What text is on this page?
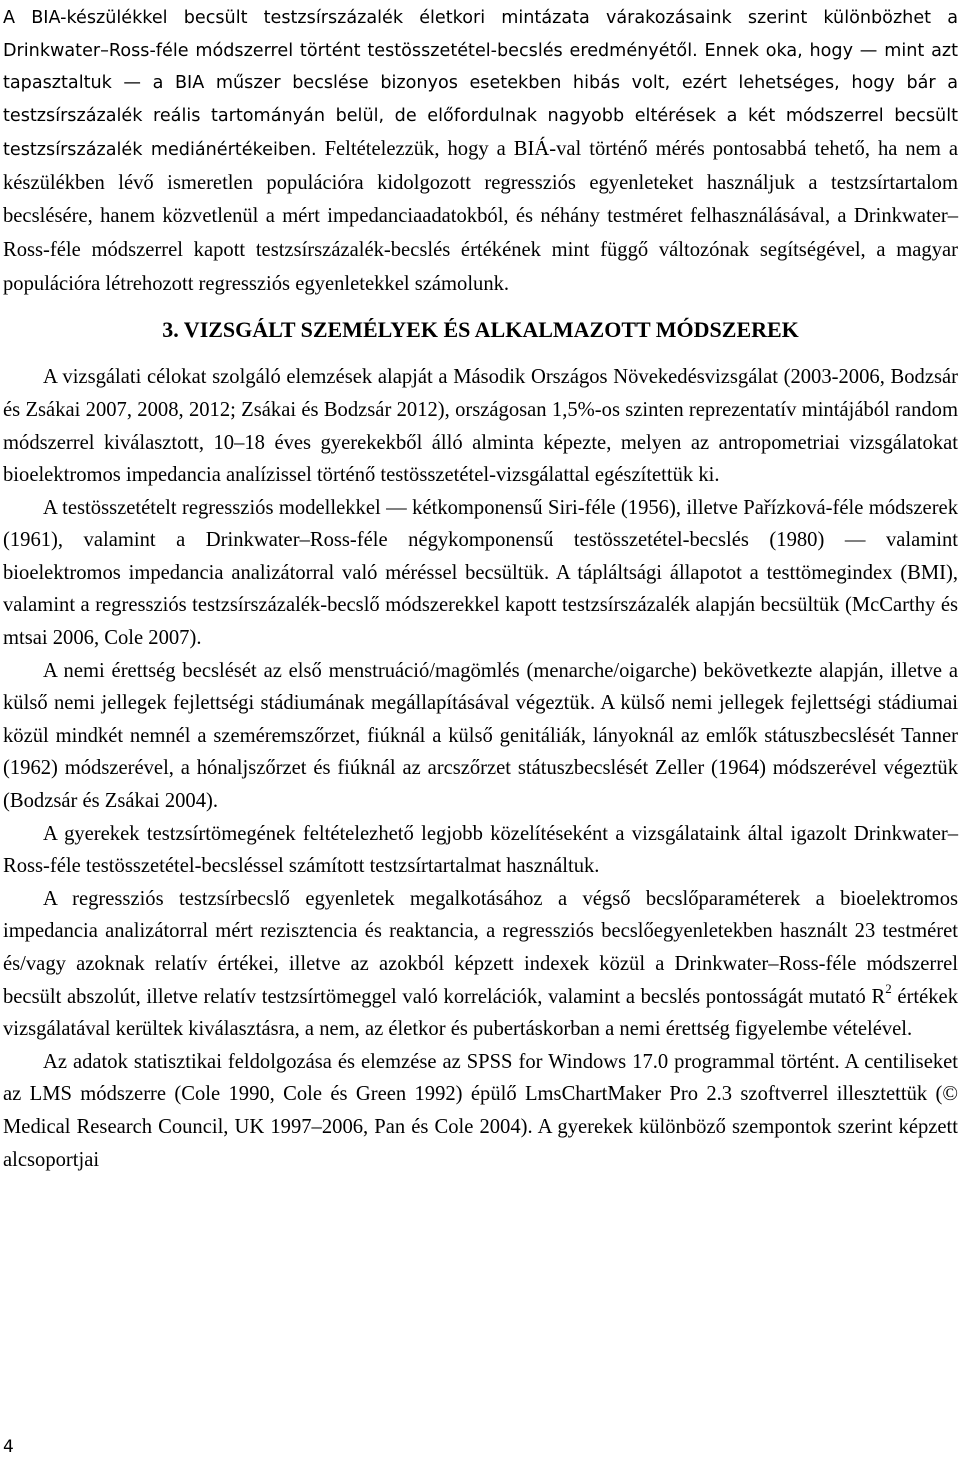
A BIA-készülékkel becsült testzsírszázalék életkori mintázata várakozásaink szerint különbözhet a Drinkwater–Ross-féle módszerrel történt testösszetétel-becslés eredményétől. Ennek oka, hogy — mint azt tapasztaltuk — a BIA műszer becslése bizonyos esetekben hibás volt, ezért lehetséges, hogy bár a testzsírszázalék reális tartományán belül, de előfordulnak nagyobb eltérések a két módszerrel becsült testzsírszázalék mediánértékeiben. Feltételezzük, hogy a BIÁ-val történő mérés pontosabbá tehető, ha nem a készülékben lévő ismeretlen populációra kidolgozott regressziós egyenleteket használjuk a testzsírtartalom becslésére, hanem közvetlenül a mért impedanciaadatokból, és néhány testméret felhasználásával, a Drinkwater–Ross-féle módszerrel kapott testzsírszázalék-becslés értékének mint függő változónak segítségével, a magyar populációra létrehozott regressziós egyenletekkel számolunk.

3. VIZSGÁLT SZEMÉLYEK ÉS ALKALMAZOTT MÓDSZEREK

A vizsgálati célokat szolgáló elemzések alapját a Második Országos Növekedésvizsgálat (2003-2006, Bodzsár és Zsákai 2007, 2008, 2012; Zsákai és Bodzsár 2012), országosan 1,5%-os szinten reprezentatív mintájából random módszerrel kiválasztott, 10–18 éves gyerekekből álló alminta képezte, melyen az antropometriai vizsgálatokat bioelektromos impedancia analízissel történő testösszetétel-vizsgálattal egészítettük ki.

A testösszetételt regressziós modellekkel — kétkomponensű Siri-féle (1956), illetve Pařízková-féle módszerek (1961), valamint a Drinkwater–Ross-féle négykomponensű testösszetétel-becslés (1980) — valamint bioelektromos impedancia analizátorral való méréssel becsültük. A tápláltsági állapotot a testtömegindex (BMI), valamint a regressziós testzsírszázalék-becslő módszerekkel kapott testzsírszázalék alapján becsültük (McCarthy és mtsai 2006, Cole 2007).

A nemi érettség becslését az első menstruáció/magömlés (menarche/oigarche) bekövetkezte alapján, illetve a külső nemi jellegek fejlettségi stádiumának megállapításával végeztük. A külső nemi jellegek fejlettségi stádiumai közül mindkét nemnél a szeméremszőrzet, fiúknál a külső genitáliák, lányoknál az emlők státuszbecslését Tanner (1962) módszerével, a hónaljszőrzet és fiúknál az arcszőrzet státuszbecslését Zeller (1964) módszerével végeztük (Bodzsár és Zsákai 2004).

A gyerekek testzsírtömegének feltételezhető legjobb közelítéseként a vizsgálataink által igazolt Drinkwater–Ross-féle testösszetétel-becsléssel számított testzsírtartalmat használtuk.

A regressziós testzsírbecslő egyenletek megalkotásához a végső becslőparaméterek a bioelektromos impedancia analizátorral mért rezisztencia és reaktancia, a regressziós becslőegyenletekben használt 23 testméret és/vagy azoknak relatív értékei, illetve az azokból képzett indexek közül a Drinkwater–Ross-féle módszerrel becsült abszolút, illetve relatív testzsírtömeggel való korrelációk, valamint a becslés pontosságát mutató $R^2$ értékek vizsgálatával kerültek kiválasztásra, a nem, az életkor és pubertáskorban a nemi érettség figyelembe vételével.

Az adatok statisztikai feldolgozása és elemzése az SPSS for Windows 17.0 programmal történt. A centiliseket az LMS módszerre (Cole 1990, Cole és Green 1992) épülő LmsChartMaker Pro 2.3 szoftverrel illesztettük (© Medical Research Council, UK 1997–2006, Pan és Cole 2004). A gyerekek különböző szempontok szerint képzett alcsoportjai

4
